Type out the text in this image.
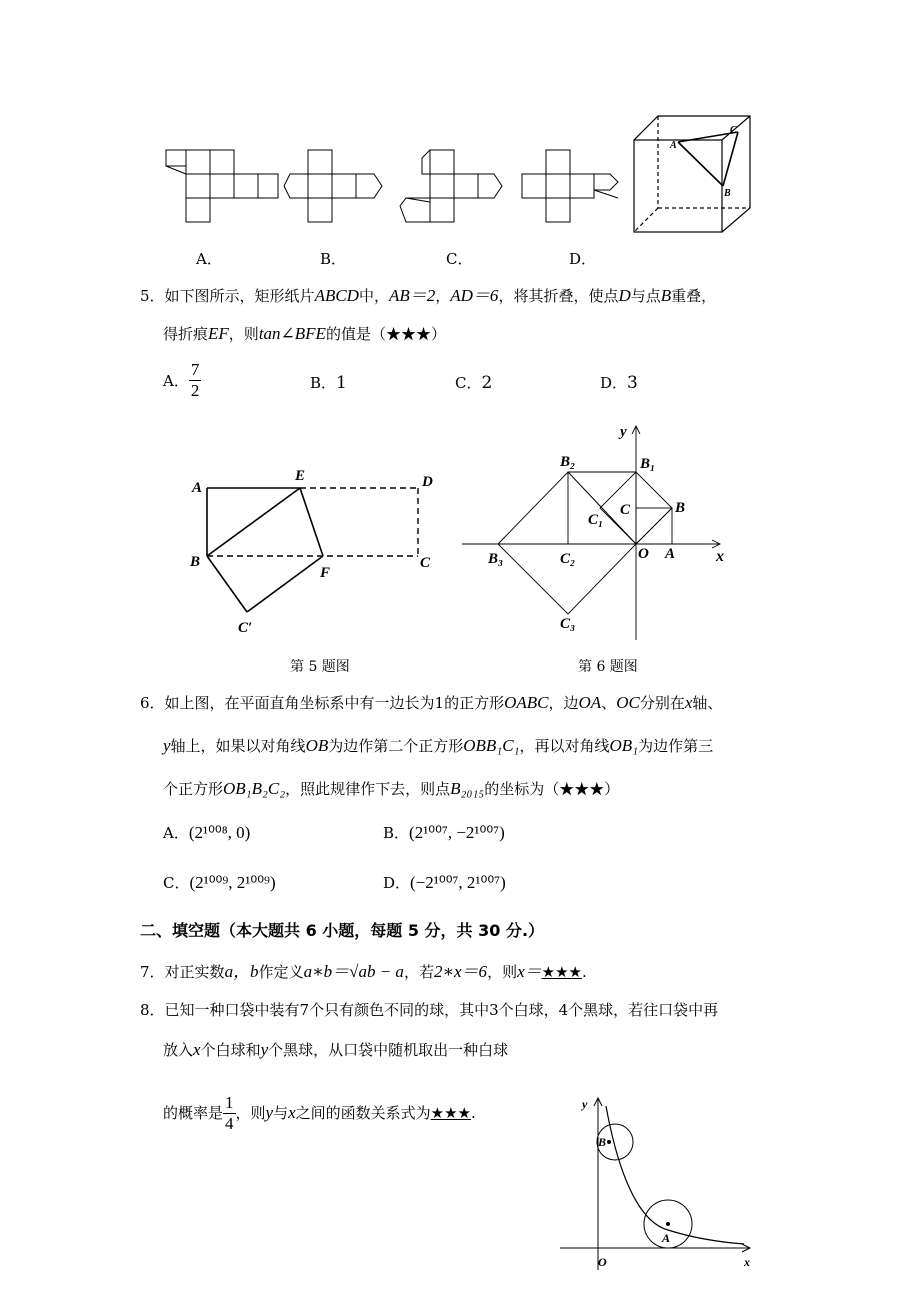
A
C
B
A．	B．	C．	D．
5．如下图所示，矩形纸片ABCD中，AB＝2，AD＝6，将其折叠，使点D与点B重叠，
得折痕EF，则tan∠BFE的值是（★★★）
A． $\frac{7}{2}$	B．1	C．2	D．3
A
E	D
B
F
C
C′
y
B₂	B₁
C	B
C₁
B₃	C₂	O A	x
C₃
第 5 题图	第 6 题图
6．如上图，在平面直角坐标系中有一边长为1的正方形OABC，边OA、OC分别在x轴、
y轴上，如果以对角线OB为边作第二个正方形OBB₁C₁，再以对角线OB₁为边作第三
个正方形OB₁B₂C₂，照此规律作下去，则点B₂₀₁₅的坐标为（★★★）
A．(2¹⁰⁰⁸, 0)	B．(2¹⁰⁰⁷, −2¹⁰⁰⁷)
C．(2¹⁰⁰⁹, 2¹⁰⁰⁹)	D．(−2¹⁰⁰⁷, 2¹⁰⁰⁷)
二、填空题（本大题共 6 小题，每题 5 分，共 30 分.）
7．对正实数a，b作定义a∗b＝√ab − a，若2∗x＝6，则x＝★★★.
8．已知一种口袋中装有7个只有颜色不同的球，其中3个白球，4个黑球，若往口袋中再
放入x个白球和y个黑球，从口袋中随机取出一种白球
的概率是 $\frac{1}{4}$ ，则y与x之间的函数关系式为★★★.	y
B
A
O	x
